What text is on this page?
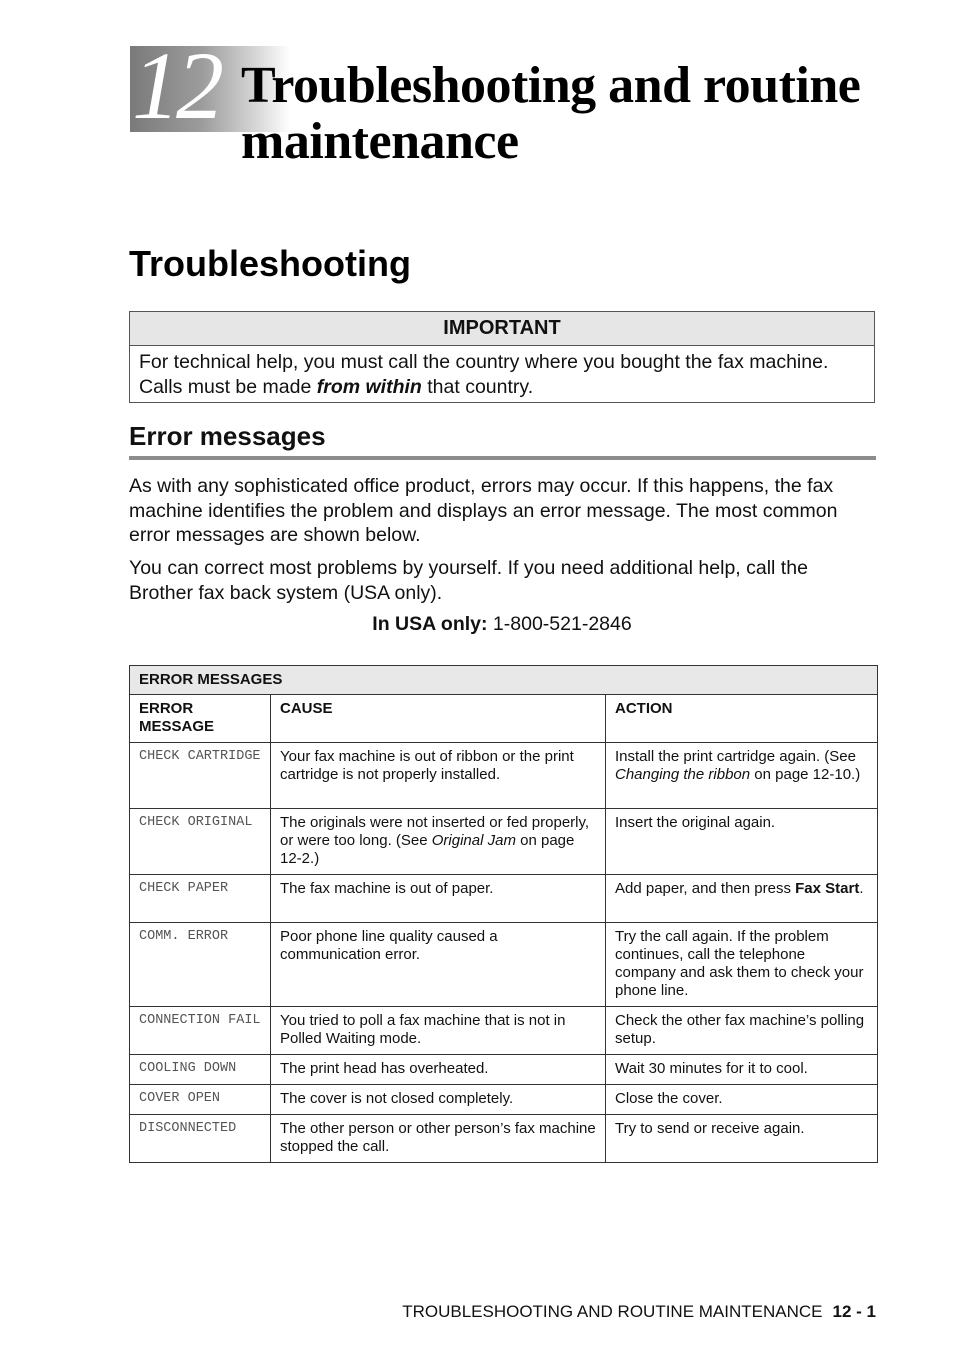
12 Troubleshooting and routine maintenance
Troubleshooting
IMPORTANT
For technical help, you must call the country where you bought the fax machine.
Calls must be made from within that country.
Error messages

As with any sophisticated office product, errors may occur. If this happens, the fax machine identifies the problem and displays an error message. The most common error messages are shown below.

You can correct most problems by yourself. If you need additional help, call the Brother fax back system (USA only).

In USA only: 1-800-521-2846

ERROR MESSAGES		
ERROR MESSAGE	CAUSE	ACTION
CHECK CARTRIDGE	Your fax machine is out of ribbon or the print cartridge is not properly installed.	Install the print cartridge again. (See Changing the ribbon on page 12-10.)
CHECK ORIGINAL	The originals were not inserted or fed properly, or were too long. (See Original Jam on page 12-2.)	Insert the original again.
CHECK PAPER	The fax machine is out of paper.	Add paper, and then press Fax Start.
COMM. ERROR	Poor phone line quality caused a communication error.	Try the call again. If the problem continues, call the telephone company and ask them to check your phone line.
CONNECTION FAIL	You tried to poll a fax machine that is not in Polled Waiting mode.	Check the other fax machine’s polling setup.
COOLING DOWN	The print head has overheated.	Wait 30 minutes for it to cool.
COVER OPEN	The cover is not closed completely.	Close the cover.
DISCONNECTED	The other person or other person’s fax machine stopped the call.	Try to send or receive again.
TROUBLESHOOTING AND ROUTINE MAINTENANCE 12 - 1
